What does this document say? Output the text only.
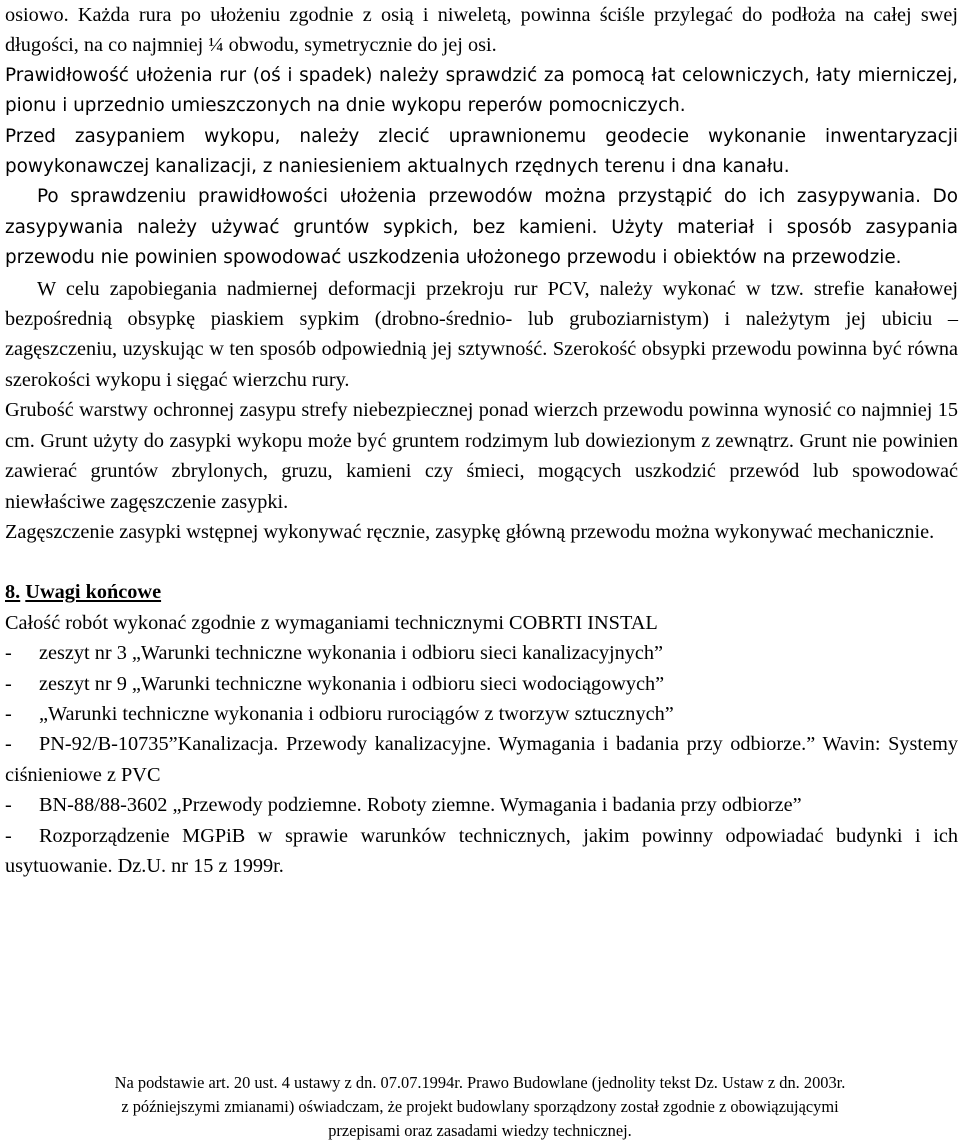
osiowo. Każda rura po ułożeniu zgodnie z osią i niweletą, powinna ściśle przylegać do podłoża na całej swej długości, na co najmniej ¼ obwodu, symetrycznie do jej osi.

Prawidłowość ułożenia rur (oś i spadek) należy sprawdzić za pomocą łat celowniczych, łaty mierniczej, pionu i uprzednio umieszczonych na dnie wykopu reperów pomocniczych.

Przed zasypaniem wykopu, należy zlecić uprawnionemu geodecie wykonanie inwentaryzacji powykonawczej kanalizacji, z naniesieniem aktualnych rzędnych terenu i dna kanału.

Po sprawdzeniu prawidłowości ułożenia przewodów można przystąpić do ich zasypywania. Do zasypywania należy używać gruntów sypkich, bez kamieni. Użyty materiał i sposób zasypania przewodu nie powinien spowodować uszkodzenia ułożonego przewodu i obiektów na przewodzie.

W celu zapobiegania nadmiernej deformacji przekroju rur PCV, należy wykonać w tzw. strefie kanałowej bezpośrednią obsypkę piaskiem sypkim (drobno-średnio- lub gruboziarnistym) i należytym jej ubiciu – zagęszczeniu, uzyskując w ten sposób odpowiednią jej sztywność. Szerokość obsypki przewodu powinna być równa szerokości wykopu i sięgać wierzchu rury.

Grubość warstwy ochronnej zasypu strefy niebezpiecznej ponad wierzch przewodu powinna wynosić co najmniej 15 cm. Grunt użyty do zasypki wykopu może być gruntem rodzimym lub dowiezionym z zewnątrz. Grunt nie powinien zawierać gruntów zbrylonych, gruzu, kamieni czy śmieci, mogących uszkodzić przewód lub spowodować niewłaściwe zagęszczenie zasypki.

Zagęszczenie zasypki wstępnej wykonywać ręcznie, zasypkę główną przewodu można wykonywać mechanicznie.

8. Uwagi końcowe

Całość robót wykonać zgodnie z wymaganiami technicznymi COBRTI INSTAL

- zeszyt nr 3 „Warunki techniczne wykonania i odbioru sieci kanalizacyjnych”

- zeszyt nr 9 „Warunki techniczne wykonania i odbioru sieci wodociągowych”

- „Warunki techniczne wykonania i odbioru rurociągów z tworzyw sztucznych”

- PN-92/B-10735”Kanalizacja. Przewody kanalizacyjne. Wymagania i badania przy odbiorze.” Wavin: Systemy ciśnieniowe z PVC

- BN-88/88-3602 „Przewody podziemne. Roboty ziemne. Wymagania i badania przy odbiorze”

- Rozporządzenie MGPiB w sprawie warunków technicznych, jakim powinny odpowiadać budynki i ich usytuowanie. Dz.U. nr 15 z 1999r.

Na podstawie art. 20 ust. 4 ustawy z dn. 07.07.1994r. Prawo Budowlane (jednolity tekst Dz. Ustaw z dn. 2003r.
z późniejszymi zmianami) oświadczam, że projekt budowlany sporządzony został zgodnie z obowiązującymi
przepisami oraz zasadami wiedzy technicznej.
